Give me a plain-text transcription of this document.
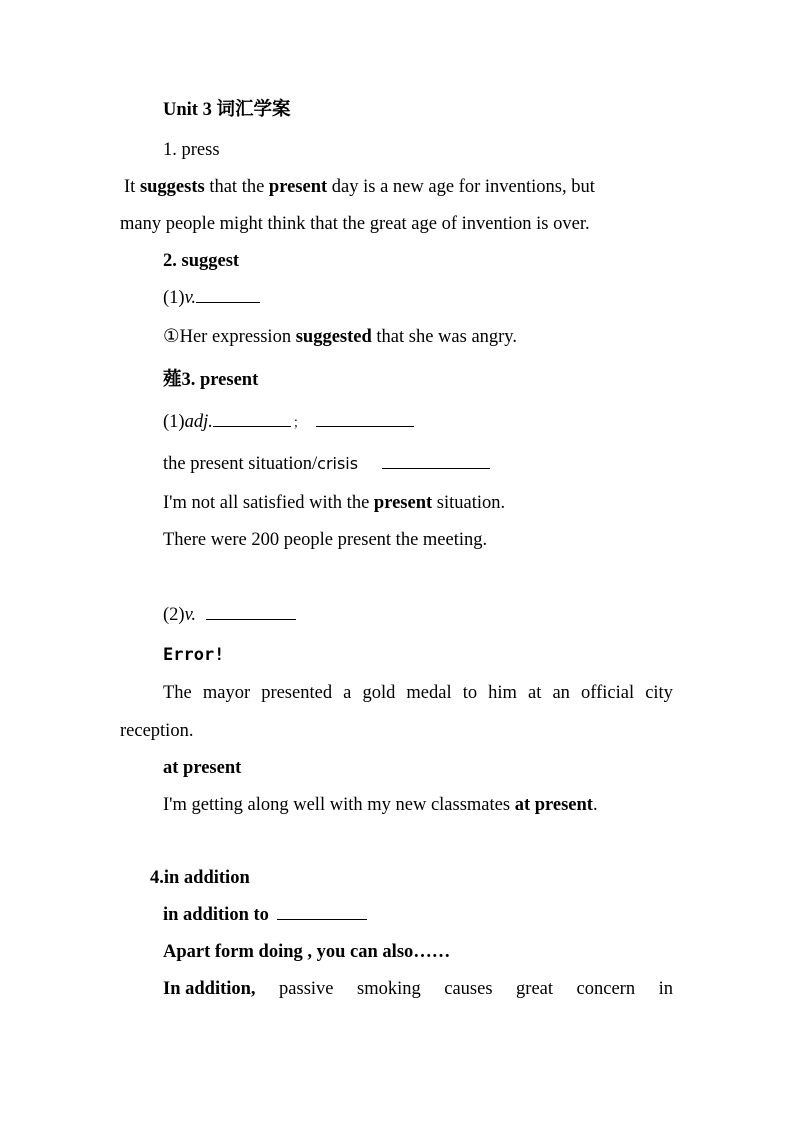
Unit 3 词汇学案
1. press
It suggests that the present day is a new age for inventions, but
many people might think that the great age of invention is over.
2. suggest
(1)v.
①Her expression suggested that she was angry.
薤3. present
(1)adj.	；
the present situation/crisis
I'm not all satisfied with the present situation.
There were 200 people present the meeting.
(2)v.
Error!
The mayor presented a gold medal to him at an official city
reception.
at present
I'm getting along well with my new classmates at present.
4.in addition
in addition to
Apart form doing , you can also……
In addition, passive smoking causes great concern in
